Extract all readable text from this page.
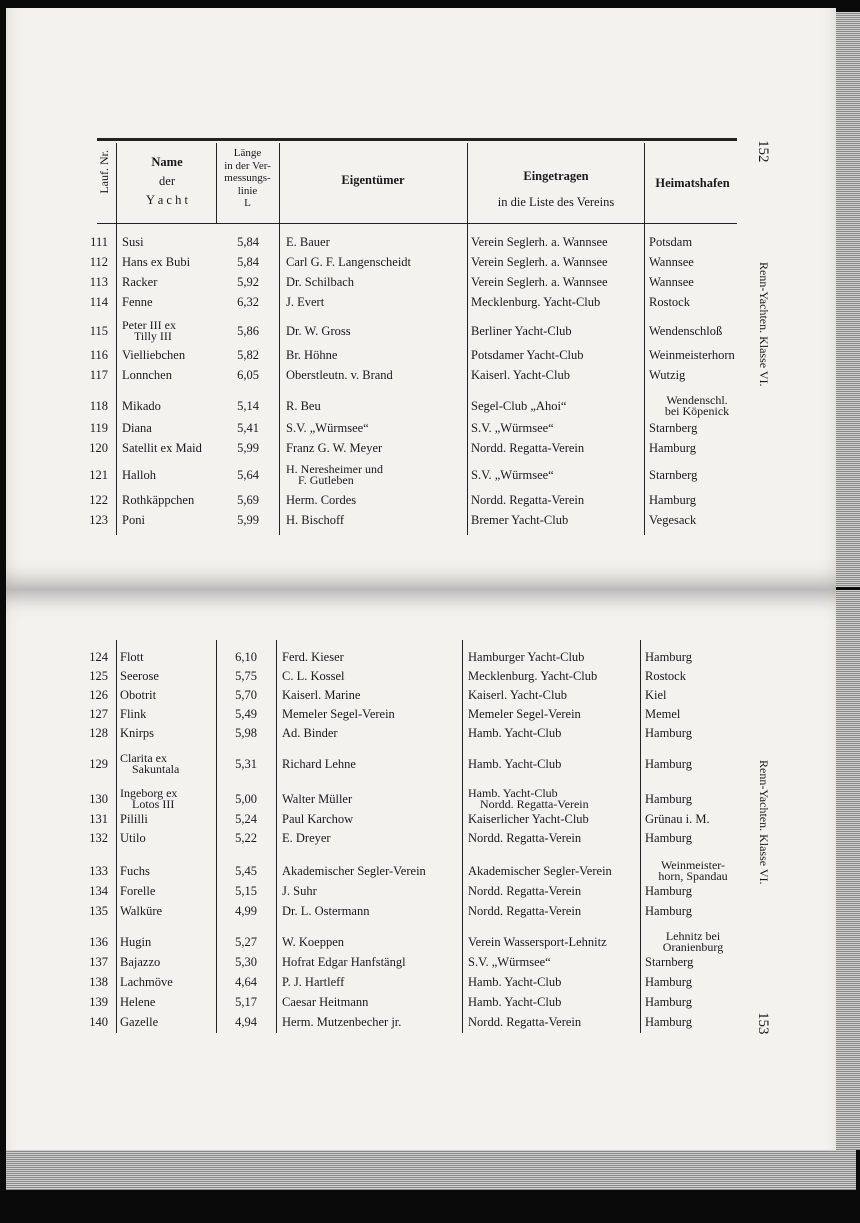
Lauf. Nr.	Name
der
Y a c h t
Länge
in der Ver-
messungs-
linie
L
Eigentümer	Eingetragen
in die Liste des Vereins
Heimatshafen
111 Susi	5,84	E. Bauer	Verein Seglerh. a. Wannsee	Potsdam
112 Hans ex Bubi	5,84	Carl G. F. Langenscheidt	Verein Seglerh. a. Wannsee	Wannsee
113 Racker	5,92	Dr. Schilbach	Verein Seglerh. a. Wannsee	Wannsee
114 Fenne	6,32	J. Evert	Mecklenburg. Yacht-Club	Rostock
115 Peter III ex
Tilly III	5,86	Dr. W. Gross	Berliner Yacht-Club	Wendenschloß
116 Vielliebchen	5,82	Br. Höhne	Potsdamer Yacht-Club	Weinmeisterhorn
117 Lonnchen	6,05	Oberstleutn. v. Brand	Kaiserl. Yacht-Club	Wutzig
118 Mikado	5,14	R. Beu	Segel-Club „Ahoi“	Wendenschl.
bei Köpenick
119 Diana	5,41	S.V. „Würmsee“	S.V. „Würmsee“	Starnberg
120 Satellit ex Maid	5,99	Franz G. W. Meyer	Nordd. Regatta-Verein	Hamburg
121 Halloh	5,64	H. Neresheimer und
F. Gutleben	S.V. „Würmsee“	Starnberg
122 Rothkäppchen	5,69	Herm. Cordes	Nordd. Regatta-Verein	Hamburg
123 Poni	5,99	H. Bischoff	Bremer Yacht-Club	Vegesack
124 Flott	6,10	Ferd. Kieser	Hamburger Yacht-Club	Hamburg
125 Seerose	5,75	C. L. Kossel	Mecklenburg. Yacht-Club	Rostock
126 Obotrit	5,70	Kaiserl. Marine	Kaiserl. Yacht-Club	Kiel
127 Flink	5,49	Memeler Segel-Verein	Memeler Segel-Verein	Memel
128 Knirps	5,98	Ad. Binder	Hamb. Yacht-Club	Hamburg
129 Clarita ex
Sakuntala	5,31	Richard Lehne	Hamb. Yacht-Club	Hamburg
130 Ingeborg ex
Lotos III	5,00	Walter Müller	Hamb. Yacht-Club
Nordd. Regatta-Verein	Hamburg
131 Pililli	5,24	Paul Karchow	Kaiserlicher Yacht-Club	Grünau i. M.
132 Utilo	5,22	E. Dreyer	Nordd. Regatta-Verein	Hamburg
133 Fuchs	5,45	Akademischer Segler-Verein	Akademischer Segler-Verein	Weinmeister-
horn, Spandau
134 Forelle	5,15	J. Suhr	Nordd. Regatta-Verein	Hamburg
135 Walküre	4,99	Dr. L. Ostermann	Nordd. Regatta-Verein	Hamburg
136 Hugin	5,27	W. Koeppen	Verein Wassersport-Lehnitz	Lehnitz bei
Oranienburg
137 Bajazzo	5,30	Hofrat Edgar Hanfstängl	S.V. „Würmsee“	Starnberg
138 Lachmöve	4,64	P. J. Hartleff	Hamb. Yacht-Club	Hamburg
139 Helene	5,17	Caesar Heitmann	Hamb. Yacht-Club	Hamburg
140 Gazelle	4,94	Herm. Mutzenbecher jr.	Nordd. Regatta-Verein	Hamburg
152
Renn-Yachten. Klasse VI.
Renn-Yachten. Klasse VI.
153
